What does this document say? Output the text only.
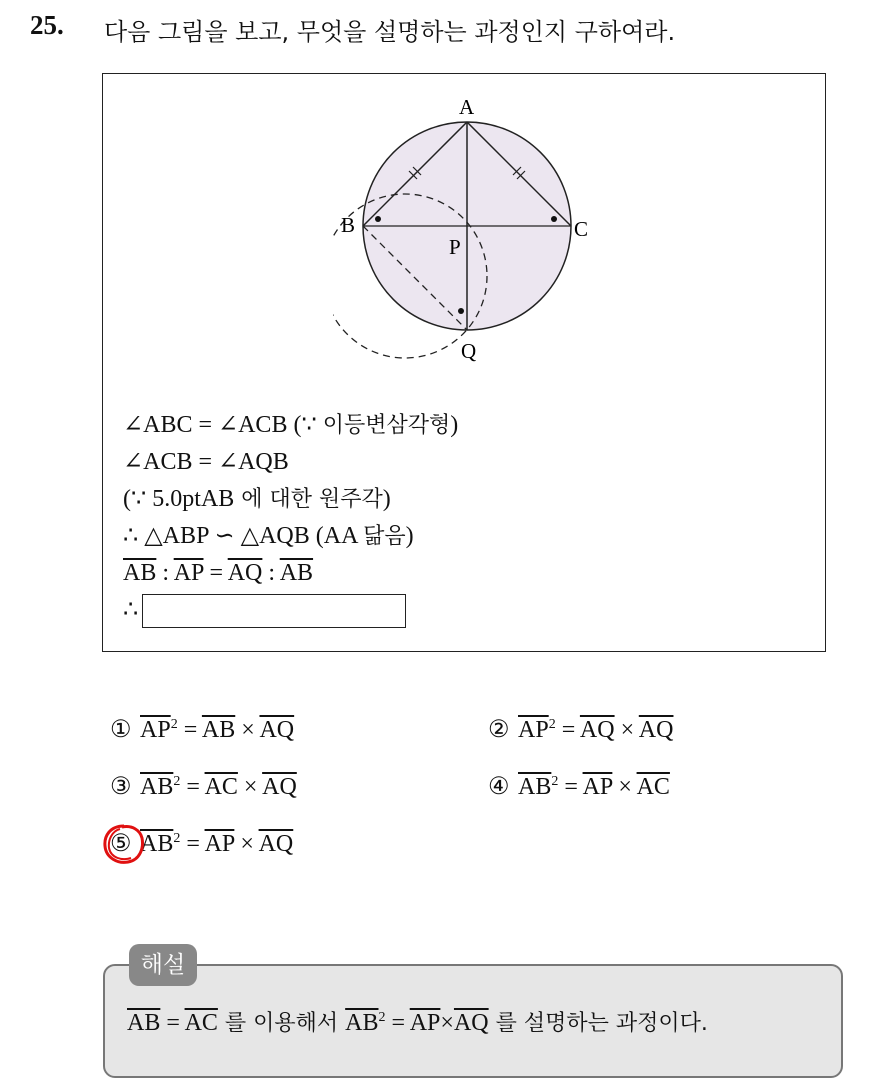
25. 다음 그림을 보고, 무엇을 설명하는 과정인지 구하여라.
A
B	C
P
Q
∠ABC = ∠ACB (∵ 이등변삼각형)
∠ACB = ∠AQB
(∵ 5.0ptAB 에 대한 원주각)
∴ △ABP ∽ △AQB (AA 닮음)
$\overline{AB}$ : $\overline{AP} = \overline{AQ}$ : $\overline{AB}$
∴
① $\overline{AP}^2 = \overline{AB} \times \overline{AQ}$	② $\overline{AP}^2 = \overline{AQ} \times \overline{AQ}$
③ $\overline{AB}^2 = \overline{AC} \times \overline{AQ}$	④ $\overline{AB}^2 = \overline{AP} \times \overline{AC}$
⑤ $\overline{AB}^2 = \overline{AP} \times \overline{AQ}$
해설
$\overline{AB} = \overline{AC}$ 를 이용해서 $\overline{AB}^2 = \overline{AP}\times\overline{AQ}$ 를 설명하는 과정이다.
